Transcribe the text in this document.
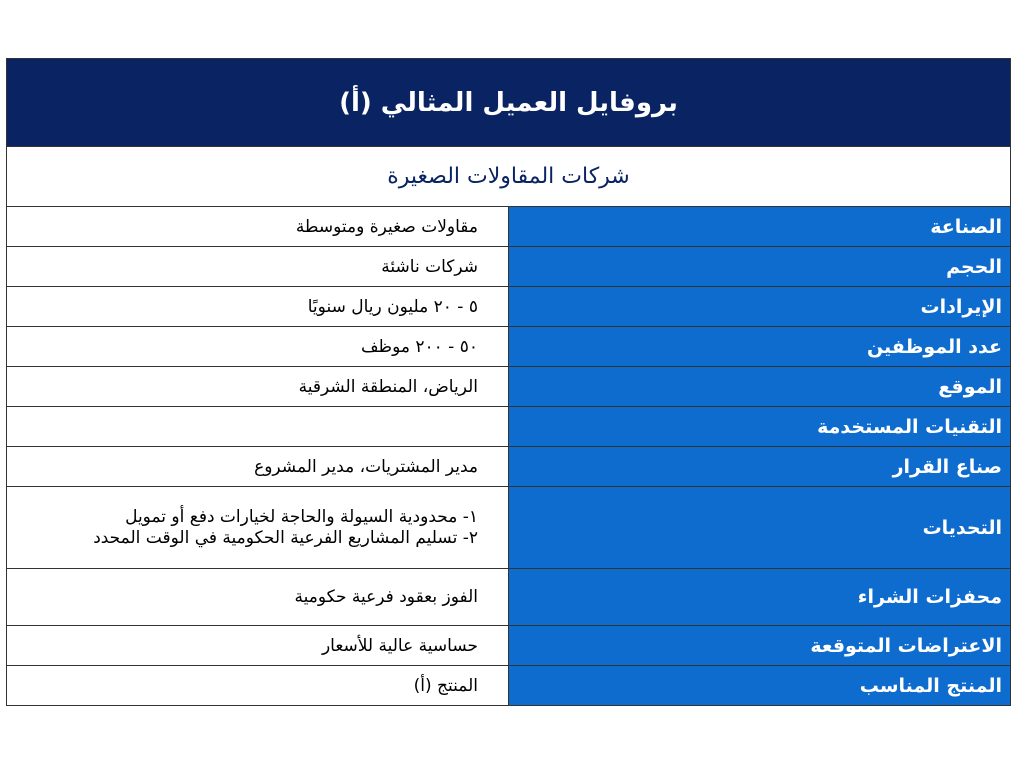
بروفايل العميل المثالي (أ)	
شركات المقاولات الصغيرة	
الصناعة	مقاولات صغيرة ومتوسطة
الحجم	شركات ناشئة
الإيرادات	٥ - ٢٠ مليون ريال سنويًا
عدد الموظفين	٥٠ - ٢٠٠ موظف
الموقع	الرياض، المنطقة الشرقية
التقنيات المستخدمة	
صناع القرار	مدير المشتريات، مدير المشروع
التحديات	١- محدودية السيولة والحاجة لخيارات دفع أو تمويل
٢- تسليم المشاريع الفرعية الحكومية في الوقت المحدد

محفزات الشراء	الفوز بعقود فرعية حكومية
الاعتراضات المتوقعة	حساسية عالية للأسعار
المنتج المناسب	المنتج (أ)
